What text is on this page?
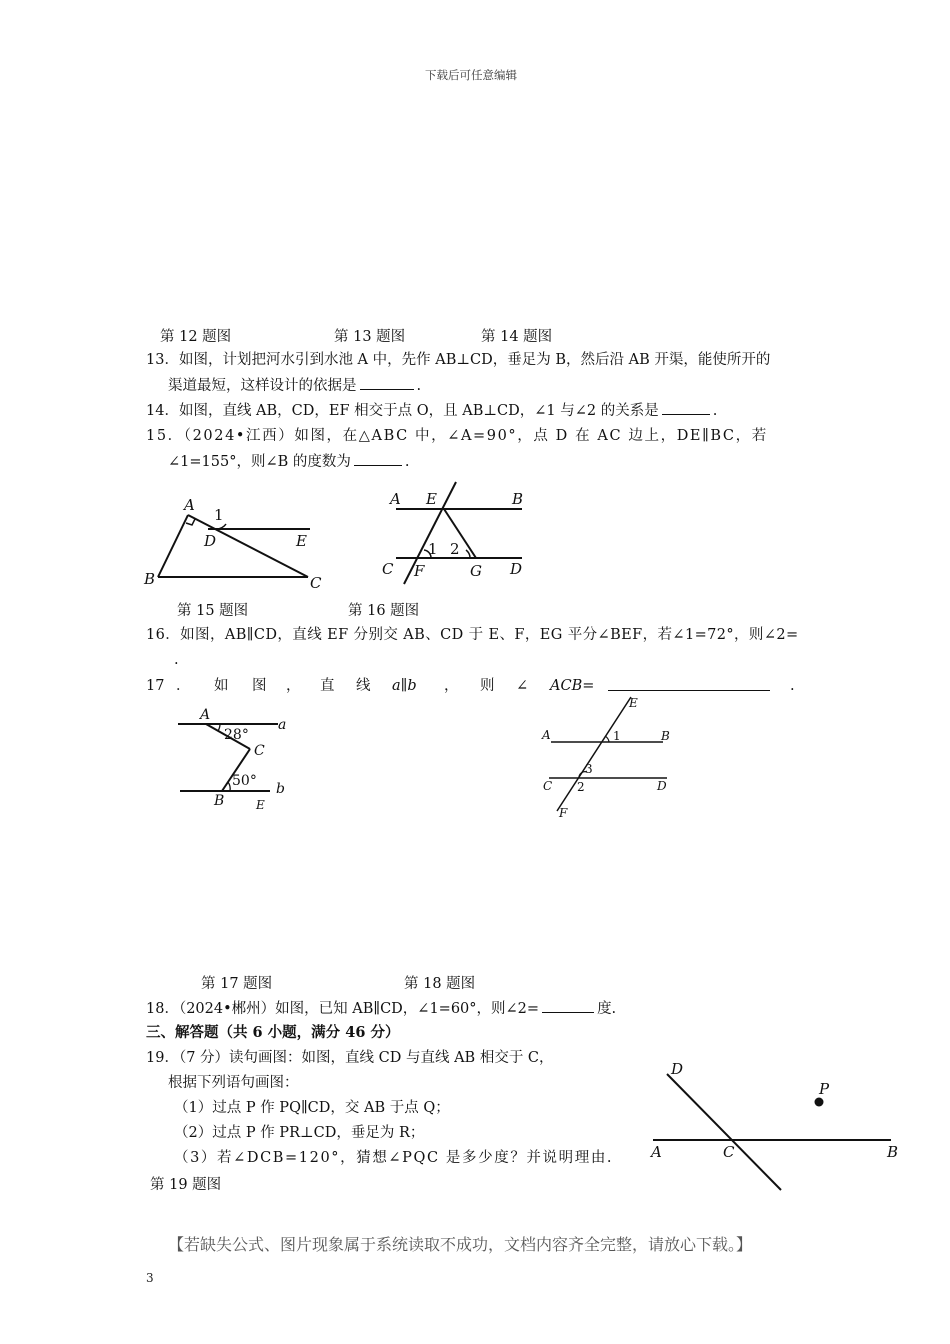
下载后可任意编辑
第 12 题图	第 13 题图	第 14 题图
13．如图，计划把河水引到水池 A 中，先作 AB⊥CD，垂足为 B，然后沿 AB 开渠，能使所开的
渠道最短，这样设计的依据是	.
14．如图，直线 AB，CD，EF 相交于点 O，且 AB⊥CD，∠1 与∠2 的关系是	.
15．（2024•江西）如图，在△ABC 中，∠A=90°，点 D 在 AC 边上，DE∥BC，若
∠1=155°，则∠B 的度数为	.
A
1
D	E
B	C
A E	B
1 2
C F	G D
第 15 题图	第 16 题图
16．如图，AB∥CD，直线 EF 分别交 AB、CD 于 E、F，EG 平分∠BEF，若∠1=72°，则∠2=
.
17 ． 如 图 ， 直 线 a∥b ， 则 ∠ ACB=	.
A
a
28°
C
50°
B
b
E
E
A	1	B
3
C 2	D
F
第 17 题图	第 18 题图
18．（2024•郴州）如图，已知 AB∥CD，∠1=60°，则∠2=	度.
三、解答题（共 6 小题，满分 46 分）
19．（7 分）读句画图：如图，直线 CD 与直线 AB 相交于 C，
根据下列语句画图：
（1）过点 P 作 PQ∥CD，交 AB 于点 Q；
（2）过点 P 作 PR⊥CD，垂足为 R；
（3）若∠DCB=120°，猜想∠PQC 是多少度？并说明理由.
第 19 题图
D
P
A	C	B
【若缺失公式、图片现象属于系统读取不成功，文档内容齐全完整，请放心下载。】
3
